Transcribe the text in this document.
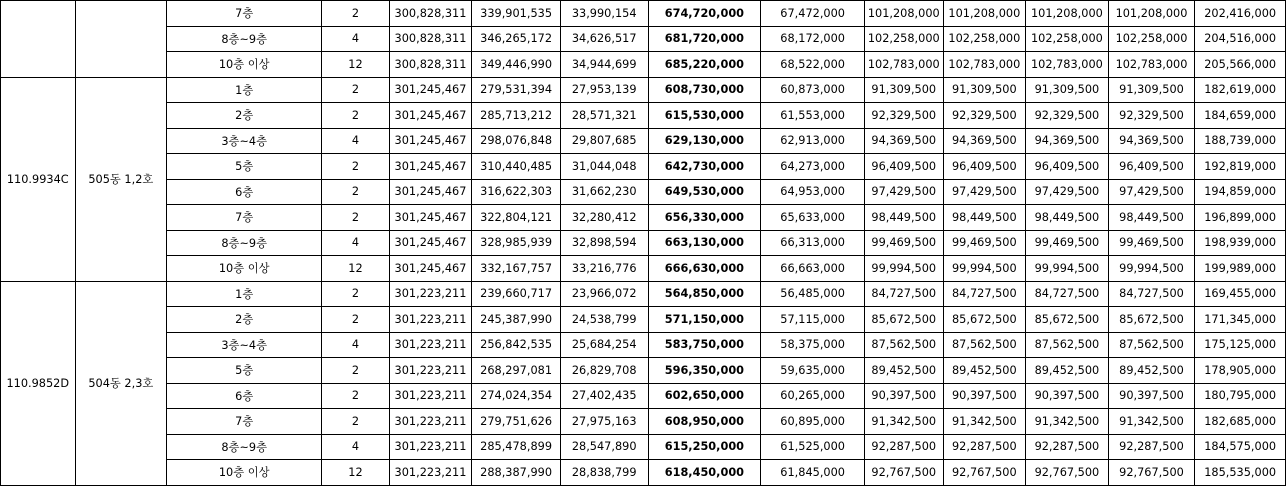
		7층	2	300,828,311	339,901,535	33,990,154	674,720,000	67,472,000	101,208,000	101,208,000	101,208,000	101,208,000	202,416,000
		8층~9층	4	300,828,311	346,265,172	34,626,517	681,720,000	68,172,000	102,258,000	102,258,000	102,258,000	102,258,000	204,516,000
		10층 이상	12	300,828,311	349,446,990	34,944,699	685,220,000	68,522,000	102,783,000	102,783,000	102,783,000	102,783,000	205,566,000
110.9934C	505동 1,2호	1층	2	301,245,467	279,531,394	27,953,139	608,730,000	60,873,000	91,309,500	91,309,500	91,309,500	91,309,500	182,619,000
		2층	2	301,245,467	285,713,212	28,571,321	615,530,000	61,553,000	92,329,500	92,329,500	92,329,500	92,329,500	184,659,000
		3층~4층	4	301,245,467	298,076,848	29,807,685	629,130,000	62,913,000	94,369,500	94,369,500	94,369,500	94,369,500	188,739,000
		5층	2	301,245,467	310,440,485	31,044,048	642,730,000	64,273,000	96,409,500	96,409,500	96,409,500	96,409,500	192,819,000
		6층	2	301,245,467	316,622,303	31,662,230	649,530,000	64,953,000	97,429,500	97,429,500	97,429,500	97,429,500	194,859,000
		7층	2	301,245,467	322,804,121	32,280,412	656,330,000	65,633,000	98,449,500	98,449,500	98,449,500	98,449,500	196,899,000
		8층~9층	4	301,245,467	328,985,939	32,898,594	663,130,000	66,313,000	99,469,500	99,469,500	99,469,500	99,469,500	198,939,000
		10층 이상	12	301,245,467	332,167,757	33,216,776	666,630,000	66,663,000	99,994,500	99,994,500	99,994,500	99,994,500	199,989,000
110.9852D	504동 2,3호	1층	2	301,223,211	239,660,717	23,966,072	564,850,000	56,485,000	84,727,500	84,727,500	84,727,500	84,727,500	169,455,000
		2층	2	301,223,211	245,387,990	24,538,799	571,150,000	57,115,000	85,672,500	85,672,500	85,672,500	85,672,500	171,345,000
		3층~4층	4	301,223,211	256,842,535	25,684,254	583,750,000	58,375,000	87,562,500	87,562,500	87,562,500	87,562,500	175,125,000
		5층	2	301,223,211	268,297,081	26,829,708	596,350,000	59,635,000	89,452,500	89,452,500	89,452,500	89,452,500	178,905,000
		6층	2	301,223,211	274,024,354	27,402,435	602,650,000	60,265,000	90,397,500	90,397,500	90,397,500	90,397,500	180,795,000
		7층	2	301,223,211	279,751,626	27,975,163	608,950,000	60,895,000	91,342,500	91,342,500	91,342,500	91,342,500	182,685,000
		8층~9층	4	301,223,211	285,478,899	28,547,890	615,250,000	61,525,000	92,287,500	92,287,500	92,287,500	92,287,500	184,575,000
		10층 이상	12	301,223,211	288,387,990	28,838,799	618,450,000	61,845,000	92,767,500	92,767,500	92,767,500	92,767,500	185,535,000
